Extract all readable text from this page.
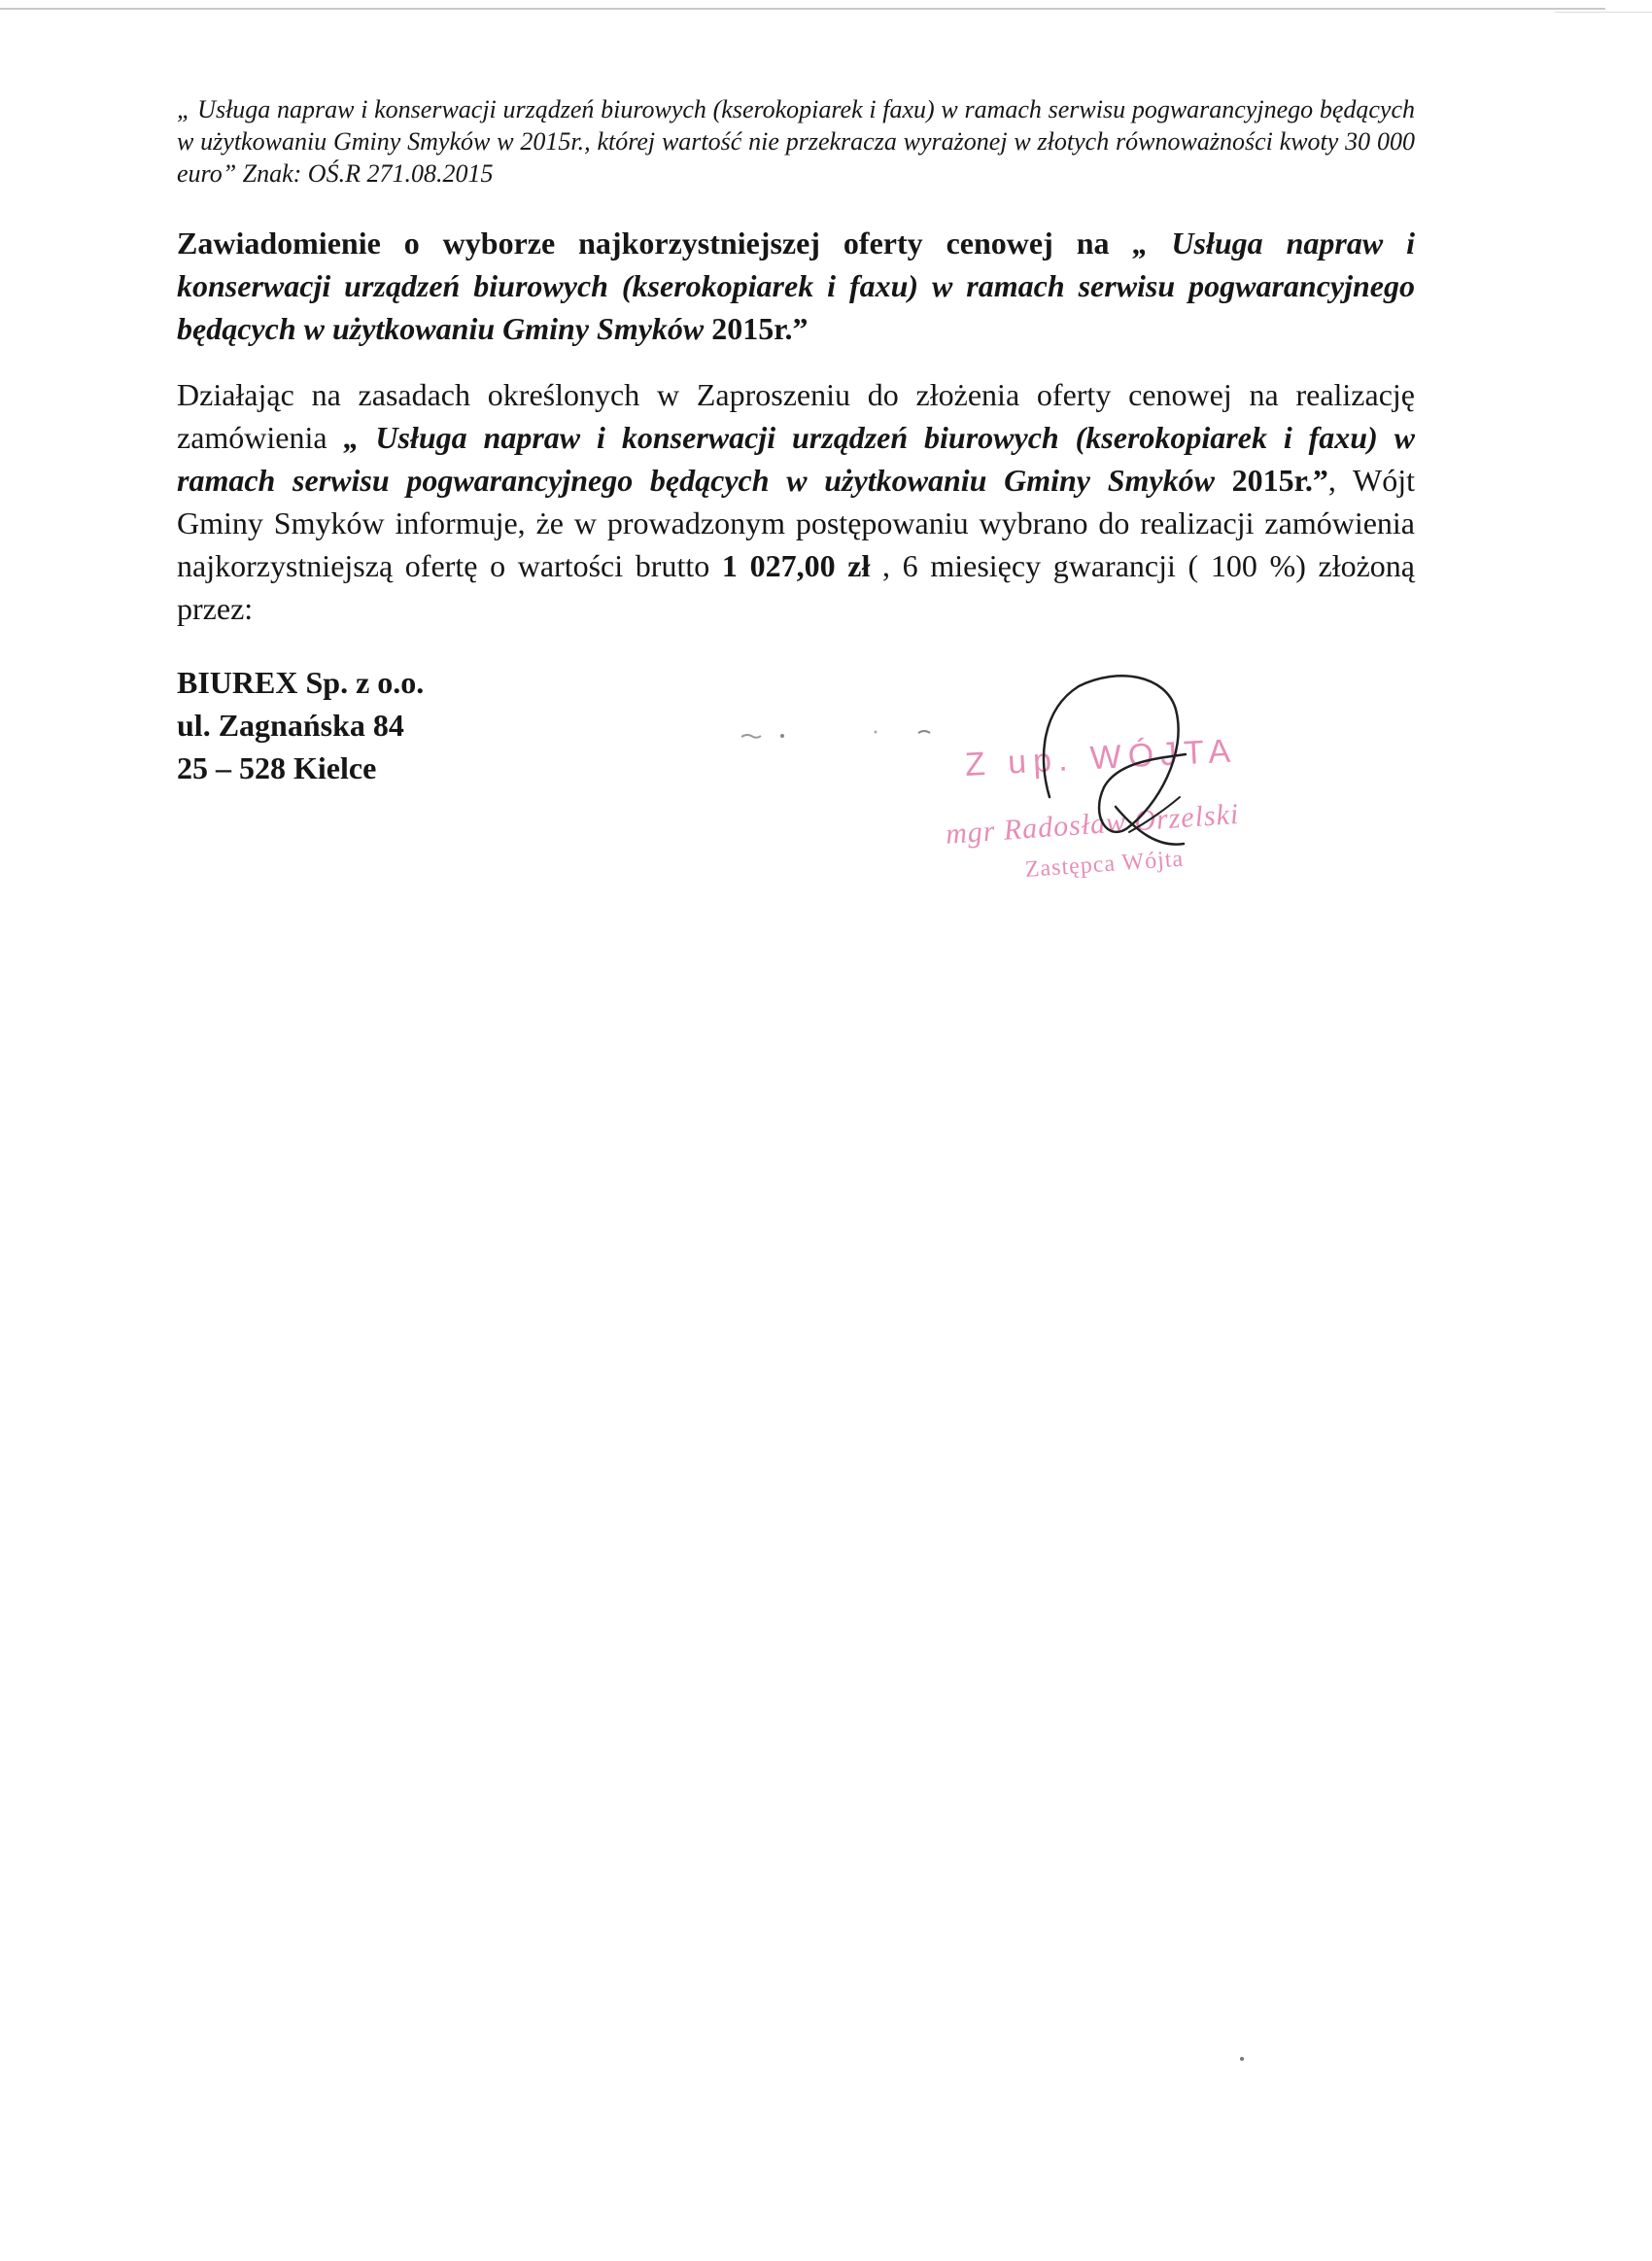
„ Usługa napraw i konserwacji urządzeń biurowych (kserokopiarek i faxu) w ramach serwisu pogwarancyjnego będących w użytkowaniu Gminy Smyków w 2015r., której wartość nie przekracza wyrażonej w złotych równoważności kwoty 30 000 euro” Znak: OŚ.R 271.08.2015
Zawiadomienie o wyborze najkorzystniejszej oferty cenowej na „ Usługa napraw i konserwacji urządzeń biurowych (kserokopiarek i faxu) w ramach serwisu pogwarancyjnego będących w użytkowaniu Gminy Smyków 2015r.”
Działając na zasadach określonych w Zaproszeniu do złożenia oferty cenowej na realizację zamówienia „ Usługa napraw i konserwacji urządzeń biurowych (kserokopiarek i faxu) w ramach serwisu pogwarancyjnego będących w użytkowaniu Gminy Smyków 2015r.”, Wójt Gminy Smyków informuje, że w prowadzonym postępowaniu wybrano do realizacji zamówienia najkorzystniejszą ofertę o wartości brutto 1 027,00 zł , 6 miesięcy gwarancji ( 100 %) złożoną przez:
BIUREX Sp. z o.o.
ul. Zagnańska 84
25 – 528 Kielce	Z up. WÓJTA
mgr Radosław Orzelski
Zastępca Wójta
